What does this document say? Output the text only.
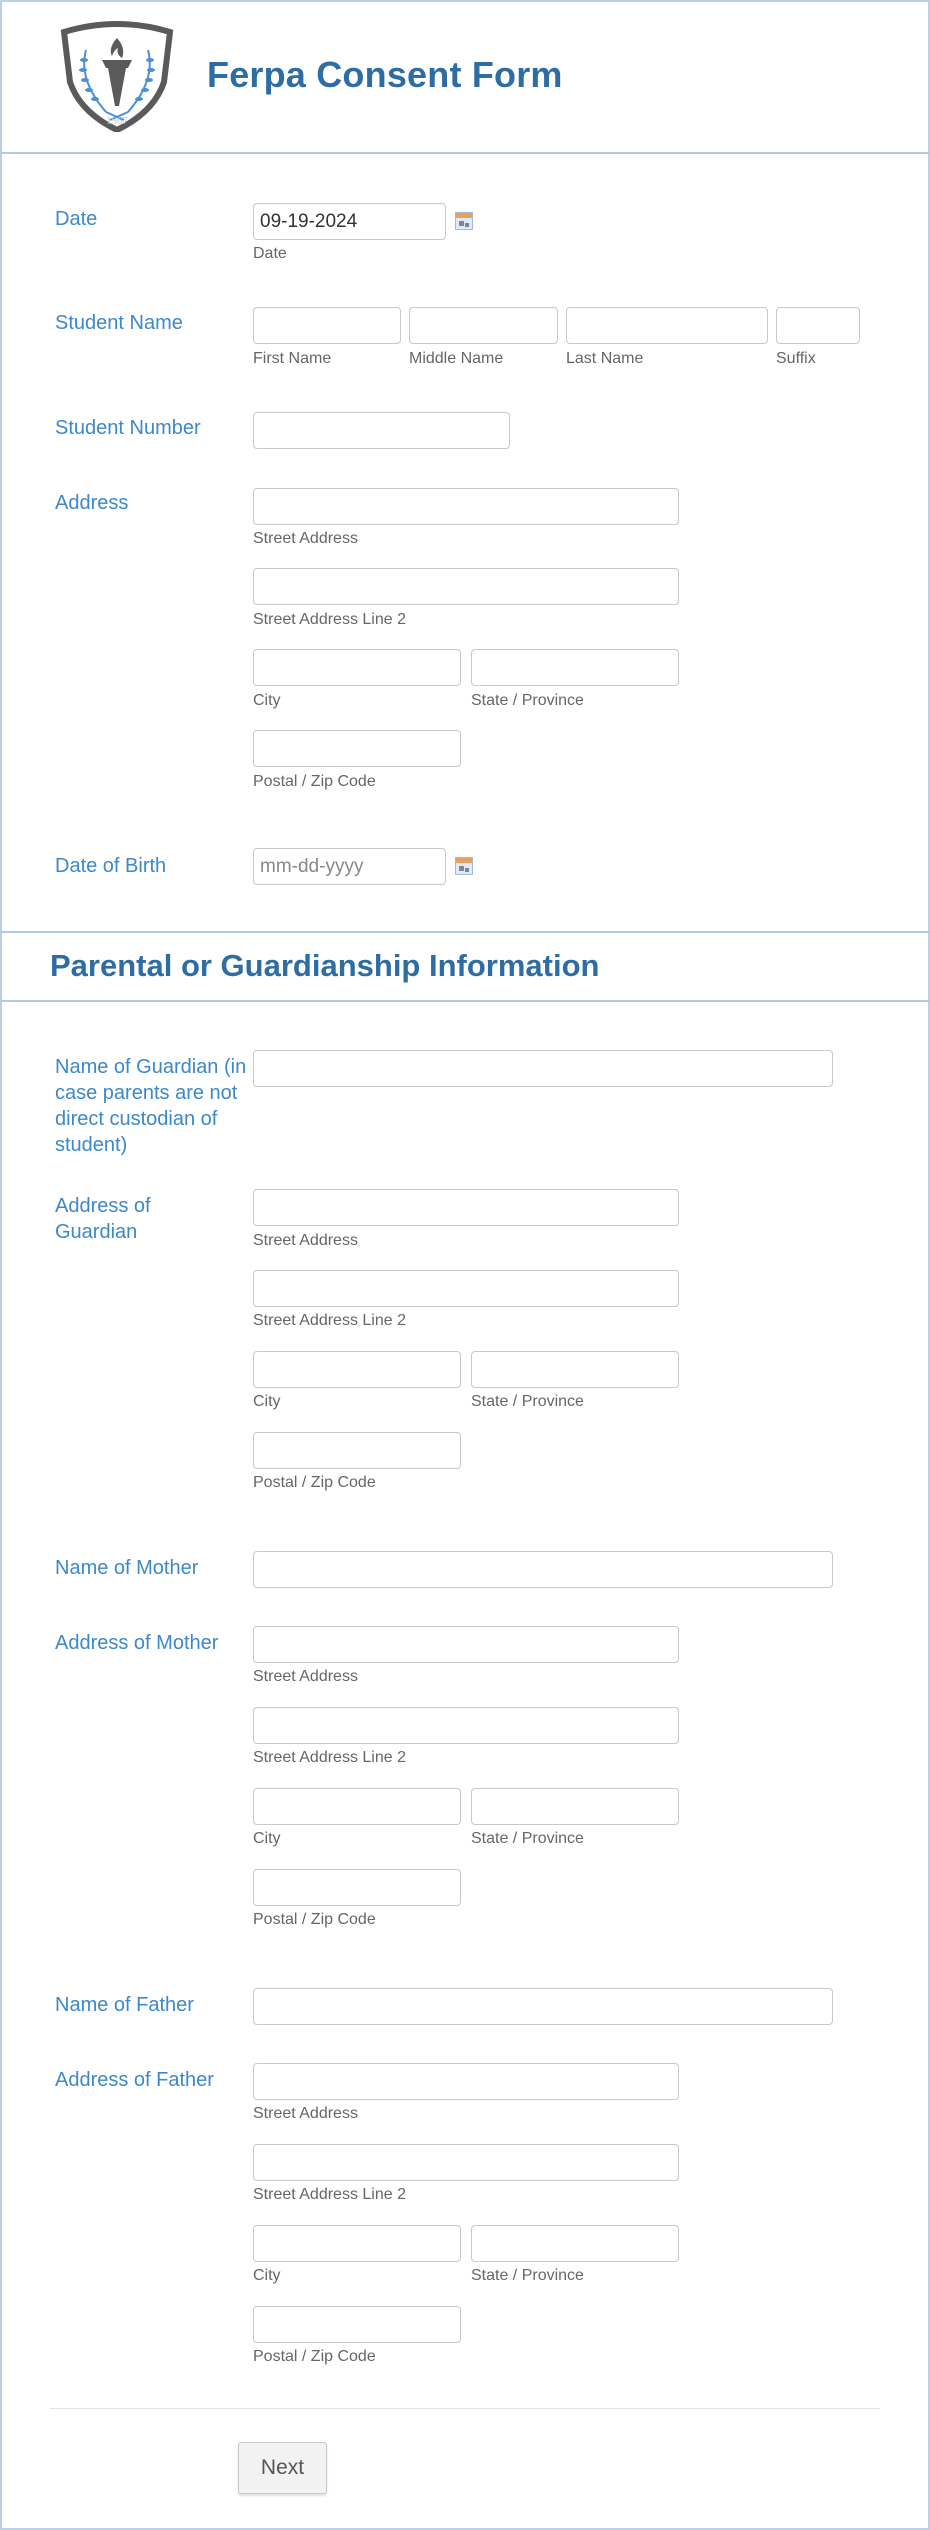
1967
Ferpa Consent Form
Date
09-19-2024
Date
Student Name
First Name	Middle Name	Last Name	Suffix
Student Number
Address
Street Address
Street Address Line 2
City	State / Province
Postal / Zip Code
Date of Birth
mm-dd-yyyy
Parental or Guardianship Information
Name of Guardian (in case parents are not direct custodian of student)
Address of Guardian	Street Address
Street Address Line 2
City	State / Province
Postal / Zip Code
Name of Mother
Address of Mother
Street Address
Street Address Line 2
City	State / Province
Postal / Zip Code
Name of Father
Address of Father
Street Address
Street Address Line 2
City	State / Province
Postal / Zip Code
Next
